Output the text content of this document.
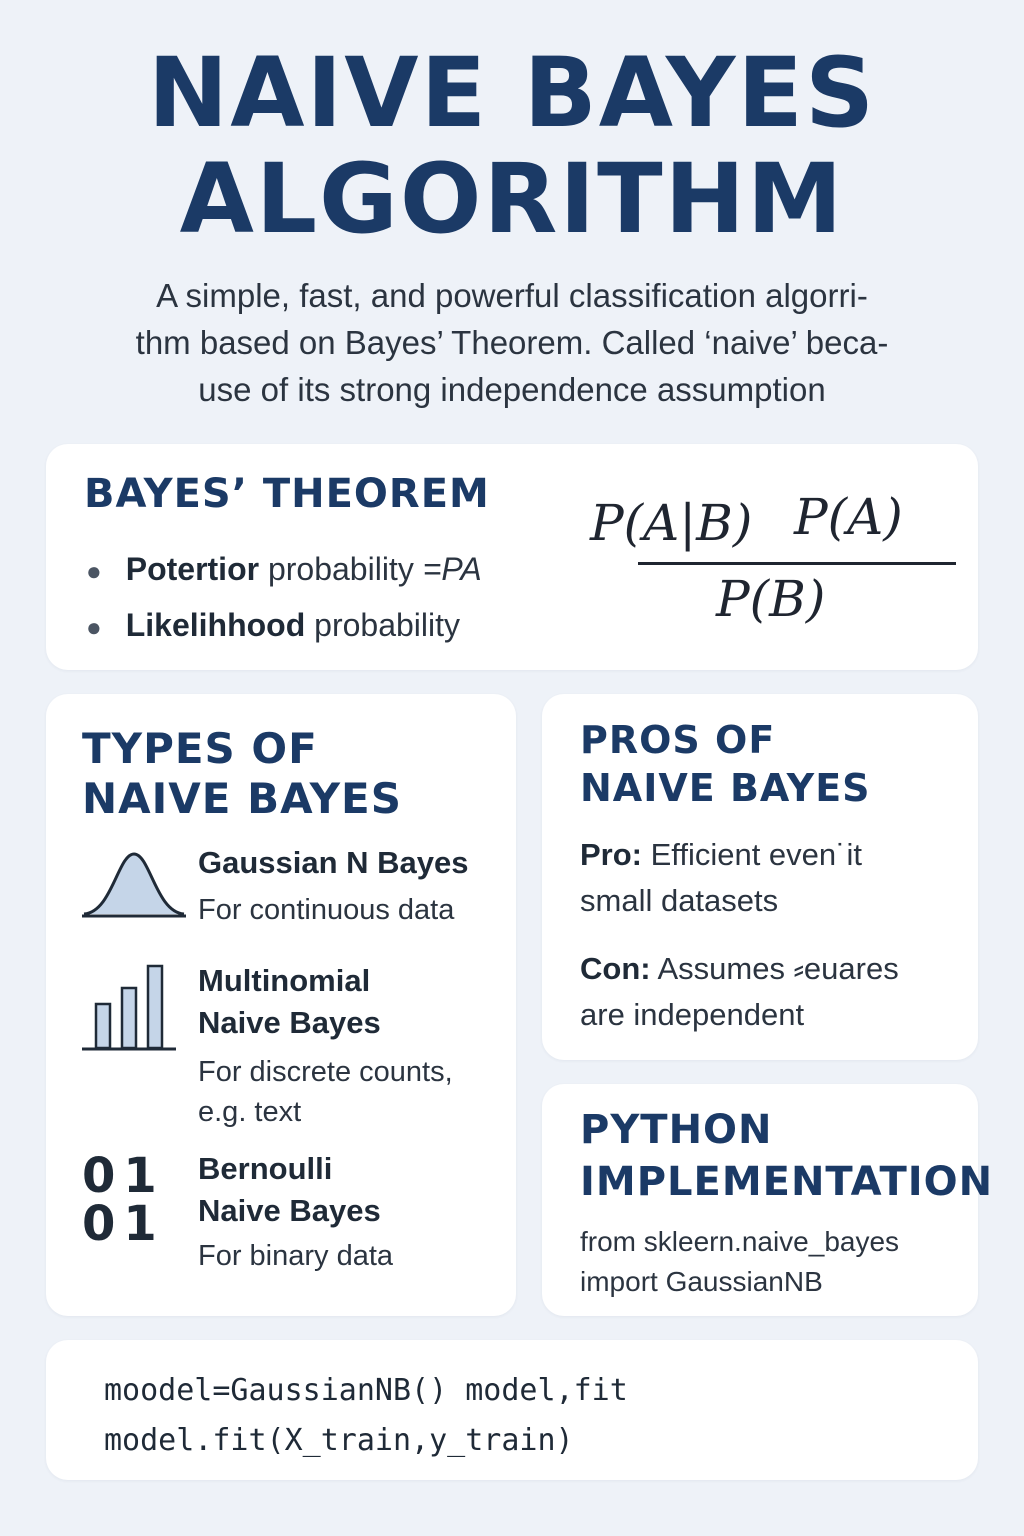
NAIVE BAYES
ALGORITHM

A simple, fast, and powerful classification algorri-
thm based on Bayes’ Theorem. Called ‘naive’ beca-
use of its strong independence assumption

BAYES’ THEOREM
● Potertior probability =PA
● Likelihhood probability
P(A|B) P(A)
P(B)
TYPES OF
NAIVE BAYES

Gaussian N Bayes

For continuous data

Multinomial
Naive Bayes

For discrete counts,
e.g. text

01
01

Bernoulli
Naive Bayes

For binary data

PROS OF
NAIVE BAYES

Pro: Efficient even˙it
small datasets

Con: Assumes ⸗euares
are independent

PYTHON
IMPLEMENTATION

from skleern.naive_bayes
import GaussianNB

moodel=GaussianNB() model,fit
model.fit(X_train,y_train)
